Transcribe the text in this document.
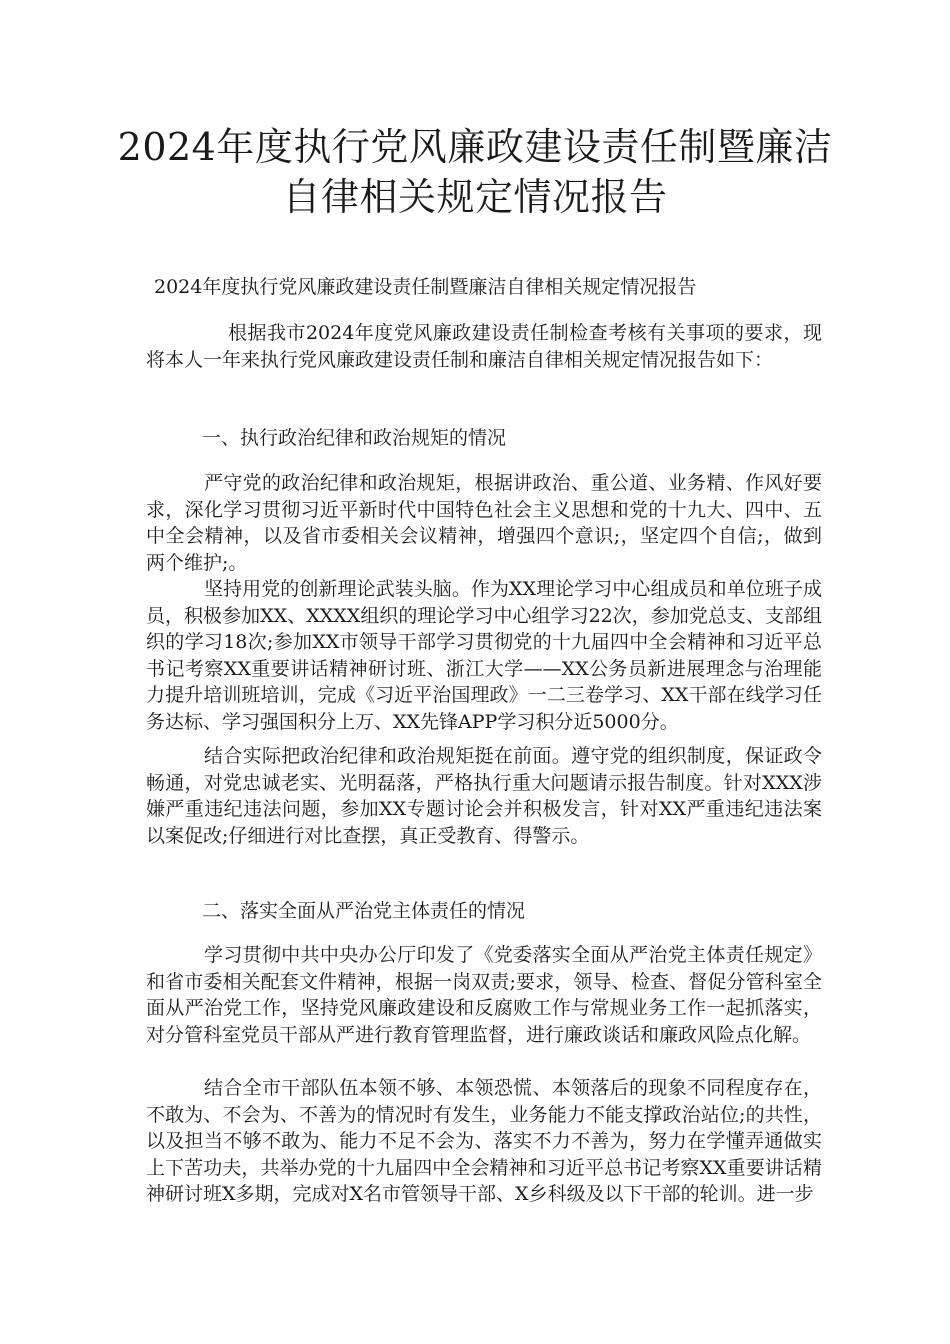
2024年度执行党风廉政建设责任制暨廉洁
自律相关规定情况报告

2024年度执行党风廉政建设责任制暨廉洁自律相关规定情况报告

根据我市2024年度党风廉政建设责任制检查考核有关事项的要求，现将本人一年来执行党风廉政建设责任制和廉洁自律相关规定情况报告如下：

一、执行政治纪律和政治规矩的情况

严守党的政治纪律和政治规矩，根据讲政治、重公道、业务精、作风好要求，深化学习贯彻习近平新时代中国特色社会主义思想和党的十九大、四中、五中全会精神，以及省市委相关会议精神，增强四个意识;，坚定四个自信;，做到两个维护;。

坚持用党的创新理论武装头脑。作为XX理论学习中心组成员和单位班子成员，积极参加XX、XXXX组织的理论学习中心组学习22次，参加党总支、支部组织的学习18次;参加XX市领导干部学习贯彻党的十九届四中全会精神和习近平总书记考察XX重要讲话精神研讨班、浙江大学——XX公务员新进展理念与治理能力提升培训班培训，完成《习近平治国理政》一二三卷学习、XX干部在线学习任务达标、学习强国积分上万、XX先锋APP学习积分近5000分。

结合实际把政治纪律和政治规矩挺在前面。遵守党的组织制度，保证政令畅通，对党忠诚老实、光明磊落，严格执行重大问题请示报告制度。针对XXX涉嫌严重违纪违法问题，参加XX专题讨论会并积极发言，针对XX严重违纪违法案以案促改;仔细进行对比查摆，真正受教育、得警示。

二、落实全面从严治党主体责任的情况

学习贯彻中共中央办公厅印发了《党委落实全面从严治党主体责任规定》和省市委相关配套文件精神，根据一岗双责;要求，领导、检查、督促分管科室全面从严治党工作，坚持党风廉政建设和反腐败工作与常规业务工作一起抓落实，对分管科室党员干部从严进行教育管理监督，进行廉政谈话和廉政风险点化解。

结合全市干部队伍本领不够、本领恐慌、本领落后的现象不同程度存在，不敢为、不会为、不善为的情况时有发生，业务能力不能支撑政治站位;的共性，以及担当不够不敢为、能力不足不会为、落实不力不善为，努力在学懂弄通做实上下苦功夫，共举办党的十九届四中全会精神和习近平总书记考察XX重要讲话精神研讨班X多期，完成对X名市管领导干部、X乡科级及以下干部的轮训。进一步
